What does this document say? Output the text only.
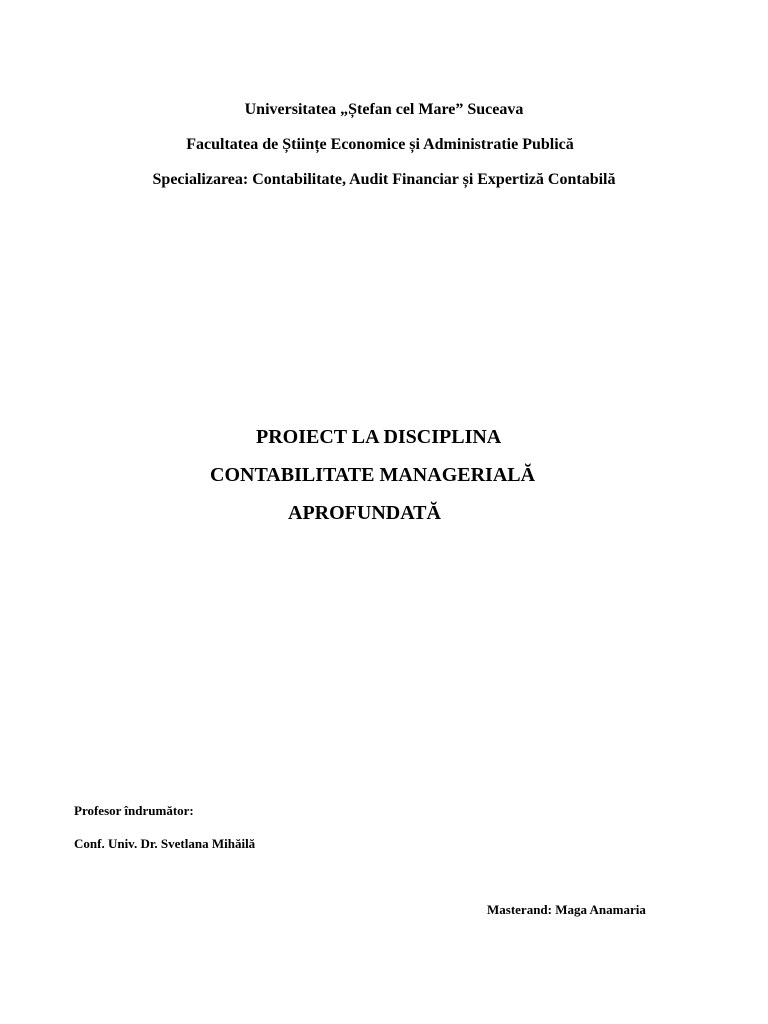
Universitatea „Ștefan cel Mare” Suceava
Facultatea de Științe Economice și Administratie Publică
Specializarea: Contabilitate, Audit Financiar și Expertiză Contabilă
PROIECT LA DISCIPLINA
CONTABILITATE MANAGERIALĂ
APROFUNDATĂ
Profesor îndrumător:
Conf. Univ. Dr. Svetlana Mihăilă
Masterand: Maga Anamaria
